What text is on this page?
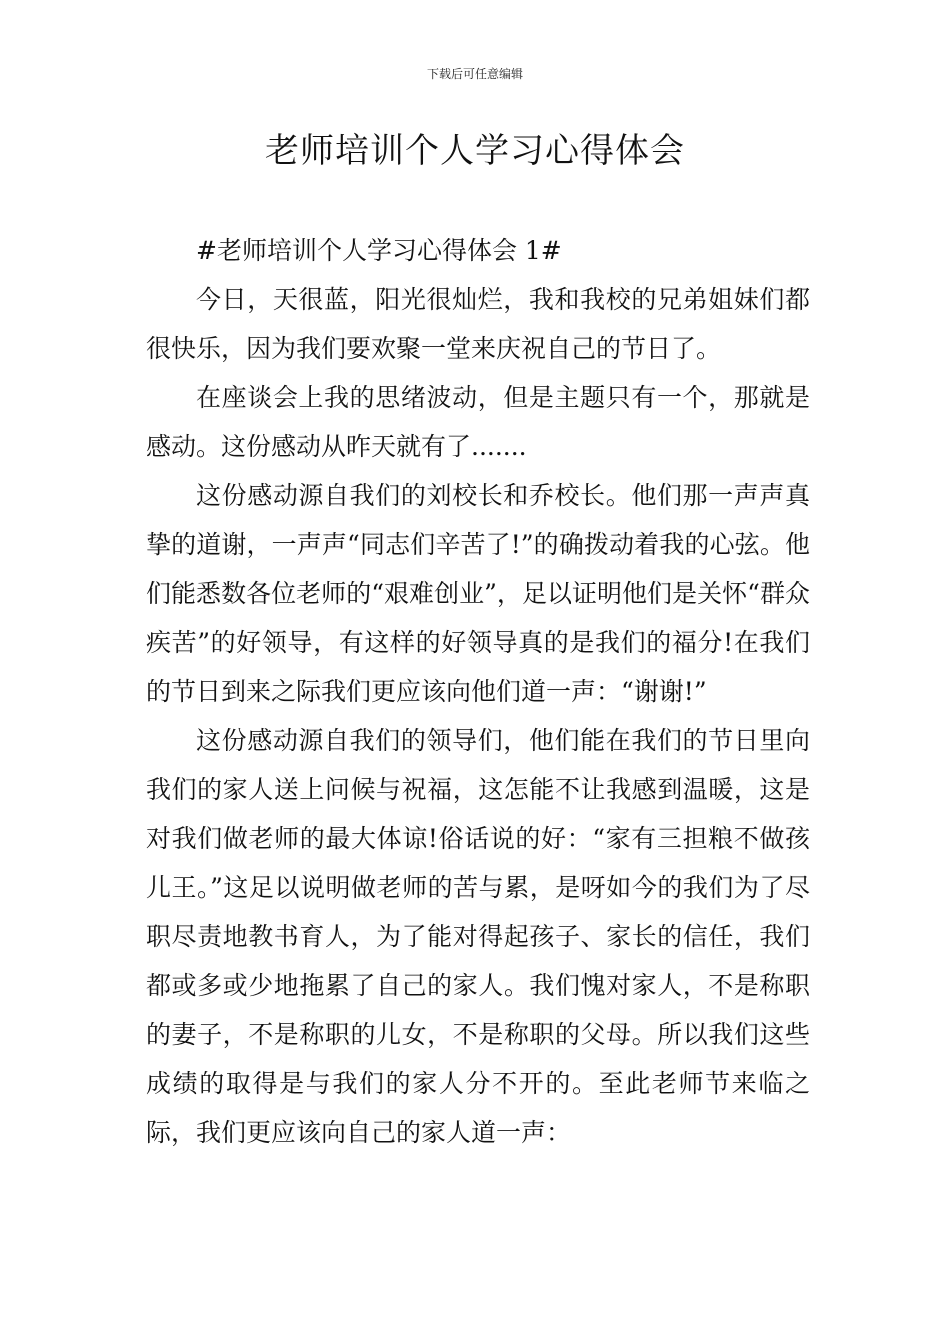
下载后可任意编辑
老师培训个人学习心得体会

#老师培训个人学习心得体会 1#

今日，天很蓝，阳光很灿烂，我和我校的兄弟姐妹们都很快乐，因为我们要欢聚一堂来庆祝自己的节日了。

在座谈会上我的思绪波动，但是主题只有一个，那就是感动。这份感动从昨天就有了.......

这份感动源自我们的刘校长和乔校长。他们那一声声真挚的道谢，一声声“同志们辛苦了!”的确拨动着我的心弦。他们能悉数各位老师的“艰难创业”，足以证明他们是关怀“群众疾苦”的好领导，有这样的好领导真的是我们的福分!在我们的节日到来之际我们更应该向他们道一声：“谢谢!”

这份感动源自我们的领导们，他们能在我们的节日里向我们的家人送上问候与祝福，这怎能不让我感到温暖，这是对我们做老师的最大体谅!俗话说的好：“家有三担粮不做孩儿王。”这足以说明做老师的苦与累，是呀如今的我们为了尽职尽责地教书育人，为了能对得起孩子、家长的信任，我们都或多或少地拖累了自己的家人。我们愧对家人，不是称职的妻子，不是称职的儿女，不是称职的父母。所以我们这些成绩的取得是与我们的家人分不开的。至此老师节来临之际，我们更应该向自己的家人道一声：
